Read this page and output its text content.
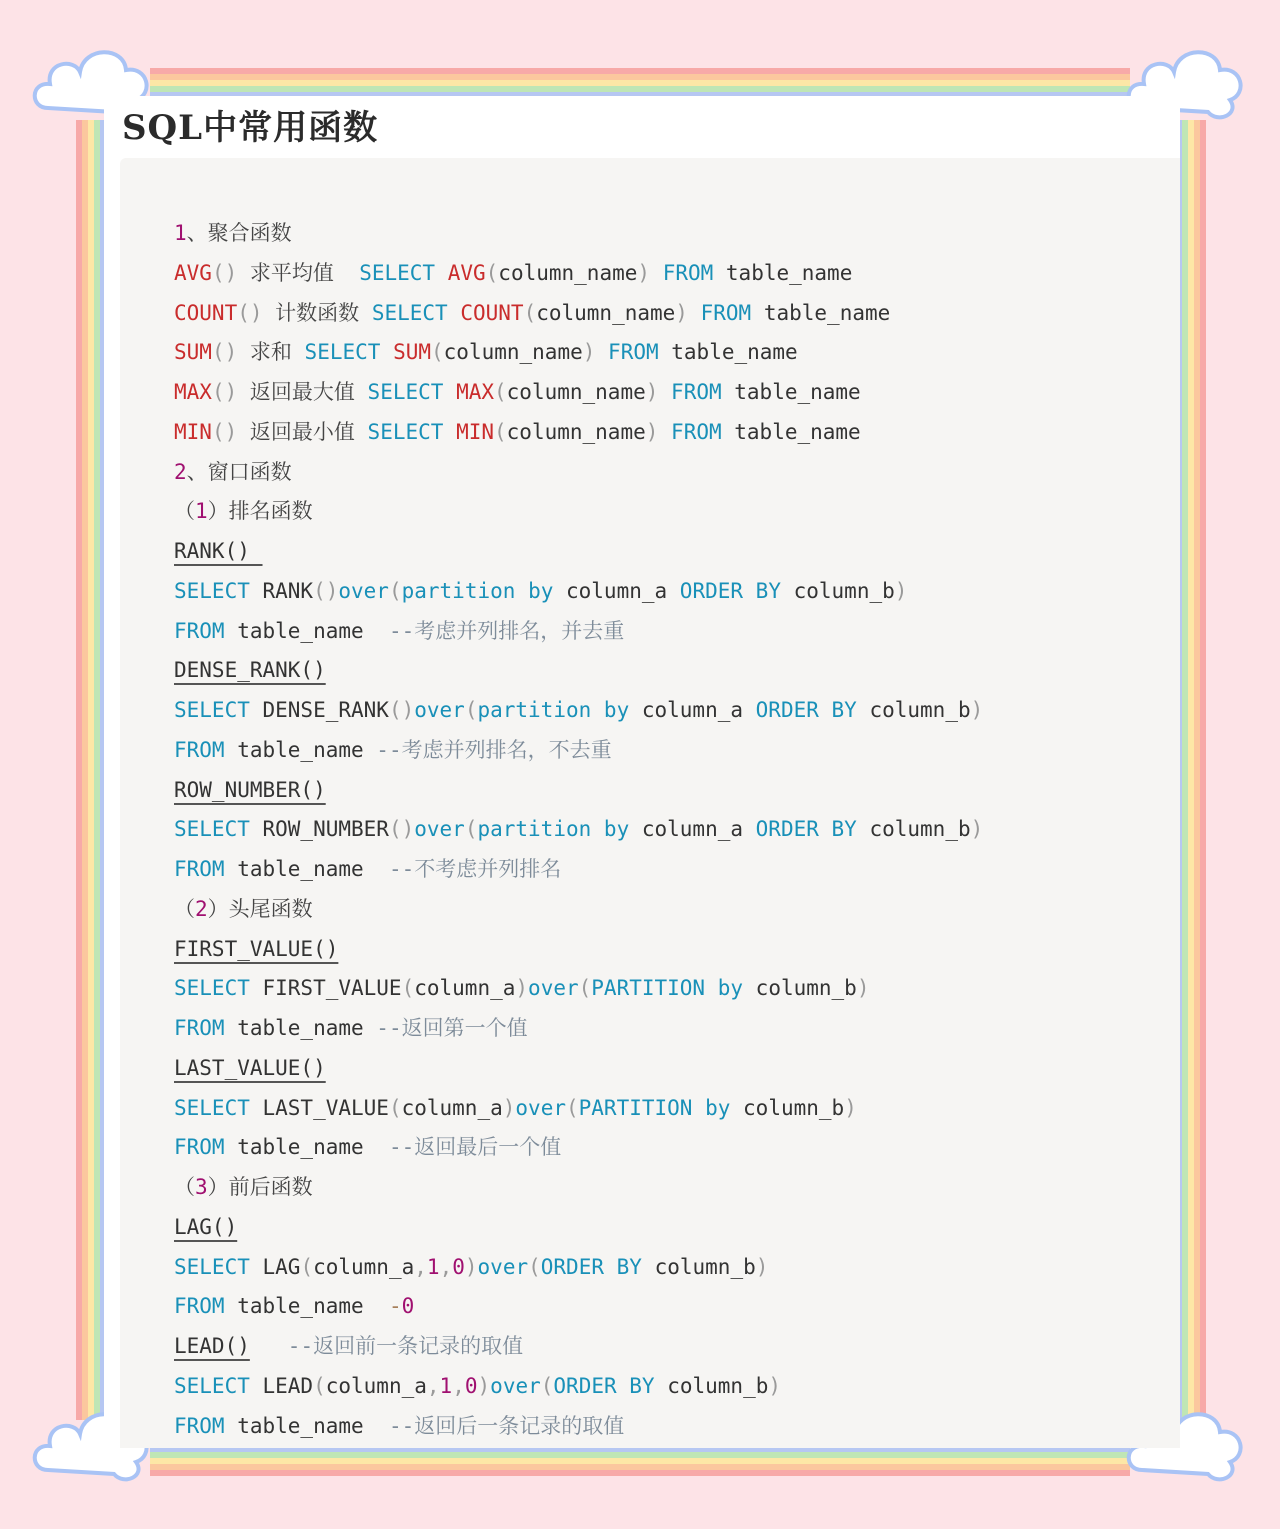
SQL中常用函数
1、聚合函数
AVG() 求平均值 SELECT AVG(column_name) FROM table_name
COUNT() 计数函数 SELECT COUNT(column_name) FROM table_name
SUM() 求和 SELECT SUM(column_name) FROM table_name
MAX() 返回最大值 SELECT MAX(column_name) FROM table_name
MIN() 返回最小值 SELECT MIN(column_name) FROM table_name
2、窗口函数
（1）排名函数
RANK()
SELECT RANK()over(partition by column_a ORDER BY column_b)
FROM table_name  --考虑并列排名，并去重
DENSE_RANK()
SELECT DENSE_RANK()over(partition by column_a ORDER BY column_b)
FROM table_name --考虑并列排名，不去重
ROW_NUMBER()
SELECT ROW_NUMBER()over(partition by column_a ORDER BY column_b)
FROM table_name  --不考虑并列排名
（2）头尾函数
FIRST_VALUE()
SELECT FIRST_VALUE(column_a)over(PARTITION by column_b)
FROM table_name --返回第一个值
LAST_VALUE()
SELECT LAST_VALUE(column_a)over(PARTITION by column_b)
FROM table_name  --返回最后一个值
（3）前后函数
LAG()
SELECT LAG(column_a,1,0)over(ORDER BY column_b)
FROM table_name  -0
LEAD() --返回前一条记录的取值
SELECT LEAD(column_a,1,0)over(ORDER BY column_b)
FROM table_name  --返回后一条记录的取值
